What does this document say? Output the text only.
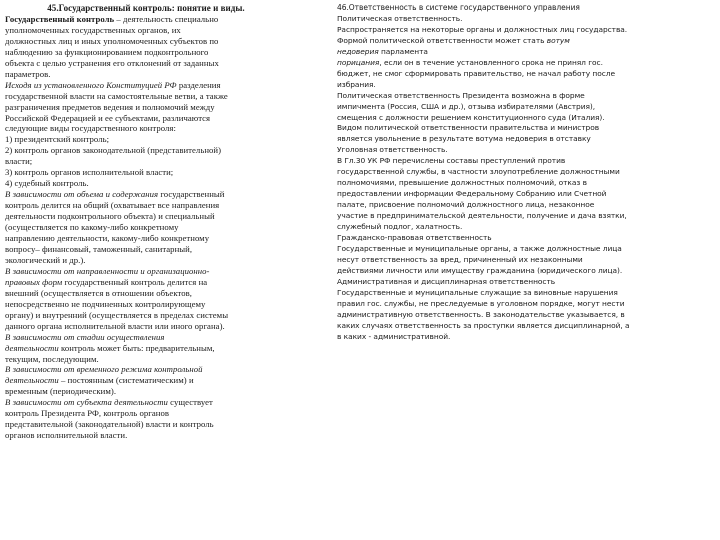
45.Государственный контроль: понятие и виды.
Государственный контроль – деятельность специально
уполномоченных государственных органов, их
должностных лиц и иных уполномоченных субъектов по
наблюдению за функционированием подконтрольного
объекта с целью устранения его отклонений от заданных
параметров.
Исходя из установленного Конституцией РФ разделения
государственной власти на самостоятельные ветви, а также
разграничения предметов ведения и полномочий между
Российской Федерацией и ее субъектами, различаются
следующие виды государственного контроля:
1) президентский контроль;
2) контроль органов законодательной (представительной)
власти;
3) контроль органов исполнительной власти;
4) судебный контроль.
В зависимости от объема и содержания государственный
контроль делится на общий (охватывает все направления
деятельности подконтрольного объекта) и специальный
(осуществляется по какому-либо конкретному
направлению деятельности, какому-либо конкретному
вопросу– финансовый, таможенный, санитарный,
экологический и др.).
В зависимости от направленности и организационно-
правовых форм государственный контроль делится на
внешний (осуществляется в отношении объектов,
непосредственно не подчиненных контролирующему
органу) и внутренний (осуществляется в пределах системы
данного органа исполнительной власти или иного органа).
В зависимости от стадии осуществления
деятельности контроль может быть: предварительным,
текущим, последующим.
В зависимости от временного режима контрольной
деятельности – постоянным (систематическим) и
временным (периодическим).
В зависимости от субъекта деятельности существует
контроль Президента РФ, контроль органов
представительной (законодательной) власти и контроль
органов исполнительной власти.
46.Ответственность в системе государственного управления
Политическая ответственность.
Распространяется на некоторые органы и должностных лиц государства.
Формой политической ответственности может стать вотум
недоверия парламента
порицания, если он в течение установленного срока не принял гос.
бюджет, не смог сформировать правительство, не начал работу после
избрания.
Политическая ответственность Президента возможна в форме
импичмента (Россия, США и др.), отзыва избирателями (Австрия),
смещения с должности решением конституционного суда (Италия).
Видом политической ответственности правительства и министров
является увольнение в результате вотума недоверия в отставку
Уголовная ответственность.
В Гл.30 УК РФ перечислены составы преступлений против
государственной службы, в частности злоупотребление должностными
полномочиями, превышение должностных полномочий, отказ в
предоставлении информации Федеральному Собранию или Счетной
палате, присвоение полномочий должностного лица, незаконное
участие в предпринимательской деятельности, получение и дача взятки,
служебный подлог, халатность.
Гражданско-правовая ответственность
Государственные и муниципальные органы, а также должностные лица
несут ответственность за вред, причиненный их незаконными
действиями личности или имуществу гражданина (юридического лица).
Административная и дисциплинарная ответственность
Государственные и муниципальные служащие за виновные нарушения
правил гос. службы, не преследуемые в уголовном порядке, могут нести
административную ответственность. В законодательстве указывается, в
каких случаях ответственность за проступки является дисциплинарной, а
в каких - административной.
